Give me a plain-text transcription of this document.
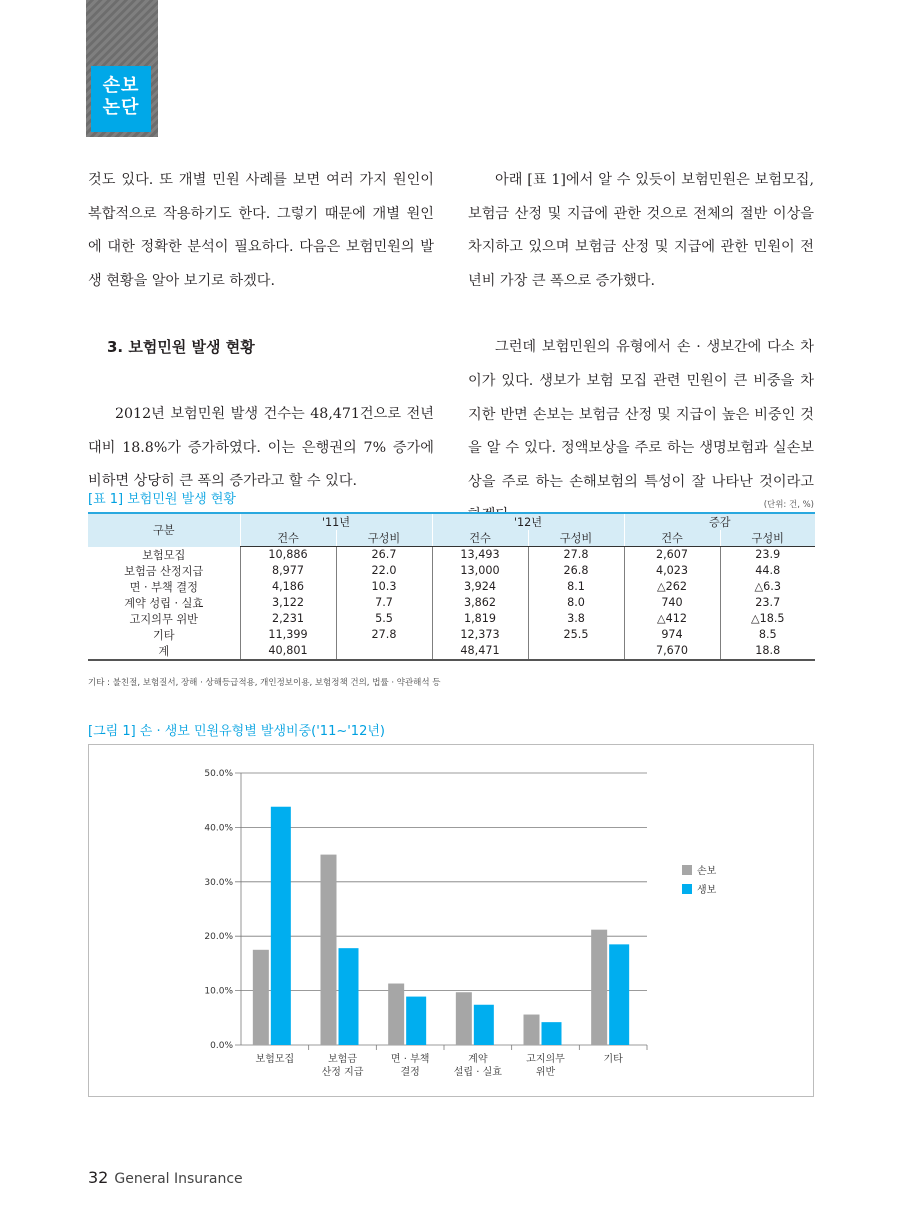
손보
논단

것도 있다. 또 개별 민원 사례를 보면 여러 가지 원인이 복합적으로 작용하기도 한다. 그렇기 때문에 개별 원인에 대한 정확한 분석이 필요하다. 다음은 보험민원의 발생 현황을 알아 보기로 하겠다.

3. 보험민원 발생 현황

2012년 보험민원 발생 건수는 48,471건으로 전년 대비 18.8%가 증가하였다. 이는 은행권의 7% 증가에 비하면 상당히 큰 폭의 증가라고 할 수 있다.

아래 [표 1]에서 알 수 있듯이 보험민원은 보험모집, 보험금 산정 및 지급에 관한 것으로 전체의 절반 이상을 차지하고 있으며 보험금 산정 및 지급에 관한 민원이 전년비 가장 큰 폭으로 증가했다.

그런데 보험민원의 유형에서 손 · 생보간에 다소 차이가 있다. 생보가 보험 모집 관련 민원이 큰 비중을 차지한 반면 손보는 보험금 산정 및 지급이 높은 비중인 것을 알 수 있다. 정액보상을 주로 하는 생명보험과 실손보상을 주로 하는 손해보험의 특성이 잘 나타난 것이라고

[표 1] 보험민원 발생 현황	(단위: 건, %)
구분	'11년		'12년		증감	
	건수	구성비	건수	구성비	건수	구성비
보험모집	10,886	26.7	13,493	27.8	2,607	23.9
보험금 산정지급	8,977	22.0	13,000	26.8	4,023	44.8
면 · 부책 결정	4,186	10.3	3,924	8.1	△262	△6.3
계약 성립 · 실효	3,122	7.7	3,862	8.0	740	23.7
고지의무 위반	2,231	5.5	1,819	3.8	△412	△18.5
기타	11,399	27.8	12,373	25.5	974	8.5
계	40,801		48,471		7,670	18.8
기타 : 불친절, 보험질서, 장해 · 상해등급적용, 개인정보이용, 보험정책 건의, 법률 · 약관해석 등
[그림 1] 손 · 생보 민원유형별 발생비중('11~'12년)
0.0%
10.0%
20.0%
30.0%
40.0%
50.0%
보험모집	보험금
산정 지급
면 · 부책
결정
계약
설립 · 실효
고지의무
위반
기타
손보
생보
32 General Insurance
